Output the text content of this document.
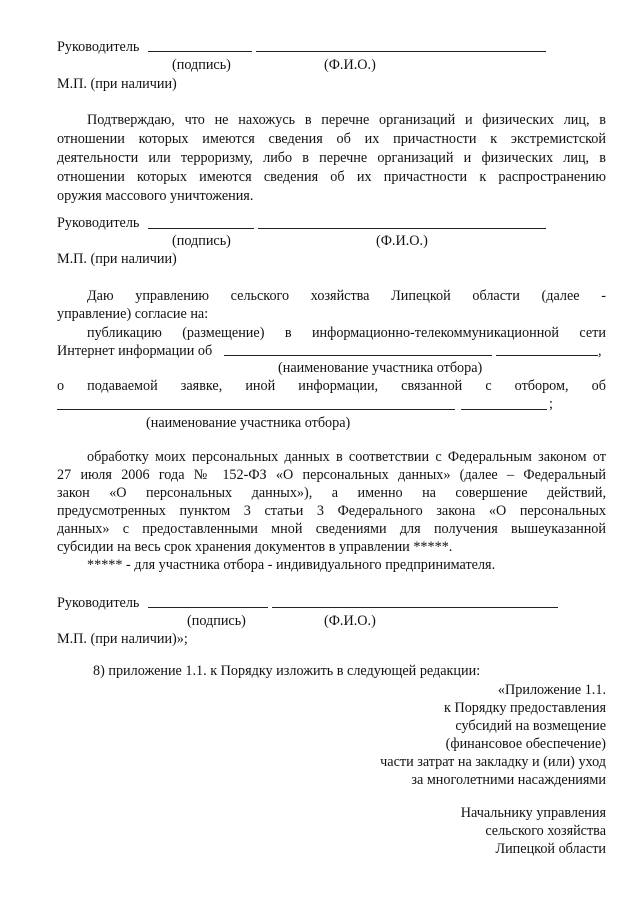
Руководитель
(подпись)	(Ф.И.О.)
М.П. (при наличии)
Подтверждаю, что не нахожусь в перечне организаций и физических лиц, в
отношении которых имеются сведения об их причастности к экстремистской
деятельности или терроризму, либо в перечне организаций и физических лиц, в
отношении которых имеются сведения об их причастности к распространению
оружия массового уничтожения.
Руководитель
(подпись)	(Ф.И.О.)
М.П. (при наличии)
Даю управлению сельского хозяйства Липецкой области (далее -
управление) согласие на:
публикацию (размещение) в информационно-телекоммуникационной сети
Интернет информации об	,
(наименование участника отбора)
о подаваемой заявке, иной информации, связанной с отбором, об
;
(наименование участника отбора)
обработку моих персональных данных в соответствии с Федеральным законом от
27 июля 2006 года № 152-ФЗ «О персональных данных» (далее – Федеральный
закон «О персональных данных»), а именно на совершение действий,
предусмотренных пунктом 3 статьи 3 Федерального закона «О персональных
данных» с предоставленными мной сведениями для получения вышеуказанной
субсидии на весь срок хранения документов в управлении *****.
***** - для участника отбора - индивидуального предпринимателя.
Руководитель
(подпись)	(Ф.И.О.)
М.П. (при наличии)»;
8) приложение 1.1. к Порядку изложить в следующей редакции:
«Приложение 1.1.
к Порядку предоставления
субсидий на возмещение
(финансовое обеспечение)
части затрат на закладку и (или) уход
за многолетними насаждениями
Начальнику управления
сельского хозяйства
Липецкой области
